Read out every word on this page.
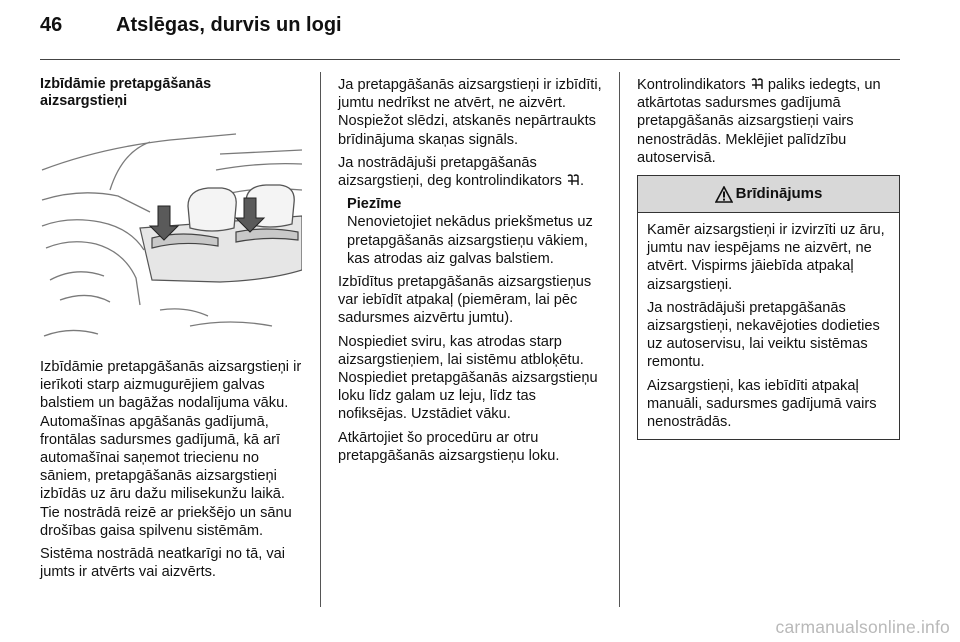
46	Atslēgas, durvis un logi
Izbīdāmie pretapgāšanās aizsargstieņi

Izbīdāmie pretapgāšanās aizsargstieņi ir ierīkoti starp aizmugurējiem galvas balstiem un bagāžas nodalījuma vāku. Automašīnas apgāšanās gadījumā, frontālas sadursmes gadījumā, kā arī automašīnai saņemot triecienu no sāniem, pretapgāšanās aizsargstieņi izbīdās uz āru dažu milisekunžu laikā. Tie nostrādā reizē ar priekšējo un sānu drošības gaisa spilvenu sistēmām.

Sistēma nostrādā neatkarīgi no tā, vai jumts ir atvērts vai aizvērts.

Ja pretapgāšanās aizsargstieņi ir izbīdīti, jumtu nedrīkst ne atvērt, ne aizvērt. Nospiežot slēdzi, atskanēs nepārtraukts brīdinājuma skaņas signāls.

Ja nostrādājuši pretapgāšanās aizsargstieņi, deg kontrolindikators .

Piezīme
Nenovietojiet nekādus priekšmetus uz pretapgāšanās aizsargstieņu vākiem, kas atrodas aiz galvas balstiem.

Izbīdītus pretapgāšanās aizsargstieņus var iebīdīt atpakaļ (piemēram, lai pēc sadursmes aizvērtu jumtu).

Nospiediet sviru, kas atrodas starp aizsargstieņiem, lai sistēmu atbloķētu. Nospiediet pretapgāšanās aizsargstieņu loku līdz galam uz leju, līdz tas nofiksējas. Uzstādiet vāku.

Atkārtojiet šo procedūru ar otru pretapgāšanās aizsargstieņu loku.

Kontrolindikators  paliks iedegts, un atkārtotas sadursmes gadījumā pretapgāšanās aizsargstieņi vairs nenostrādās. Meklējiet palīdzību autoservisā.

Brīdinājums

Kamēr aizsargstieņi ir izvirzīti uz āru, jumtu nav iespējams ne aizvērt, ne atvērt. Vispirms jāiebīda atpakaļ aizsargstieņi.

Ja nostrādājuši pretapgāšanās aizsargstieņi, nekavējoties dodieties uz autoservisu, lai veiktu sistēmas remontu.

Aizsargstieņi, kas iebīdīti atpakaļ manuāli, sadursmes gadījumā vairs nenostrādās.

carmanualsonline.info
